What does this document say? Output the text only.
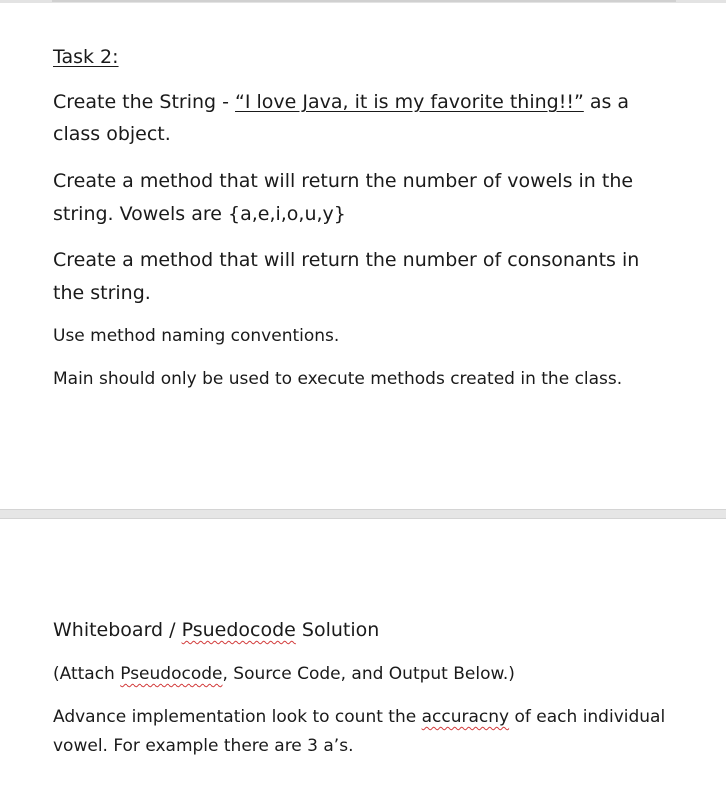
Task 2:

Create the String - “I love Java, it is my favorite thing!!” as a

class object.

Create a method that will return the number of vowels in the

string. Vowels are {a,e,i,o,u,y}

Create a method that will return the number of consonants in

the string.

Use method naming conventions.

Main should only be used to execute methods created in the class.

Whiteboard / Psuedocode Solution

(Attach Pseudocode, Source Code, and Output Below.)

Advance implementation look to count the accuracny of each individual

vowel. For example there are 3 a’s.
